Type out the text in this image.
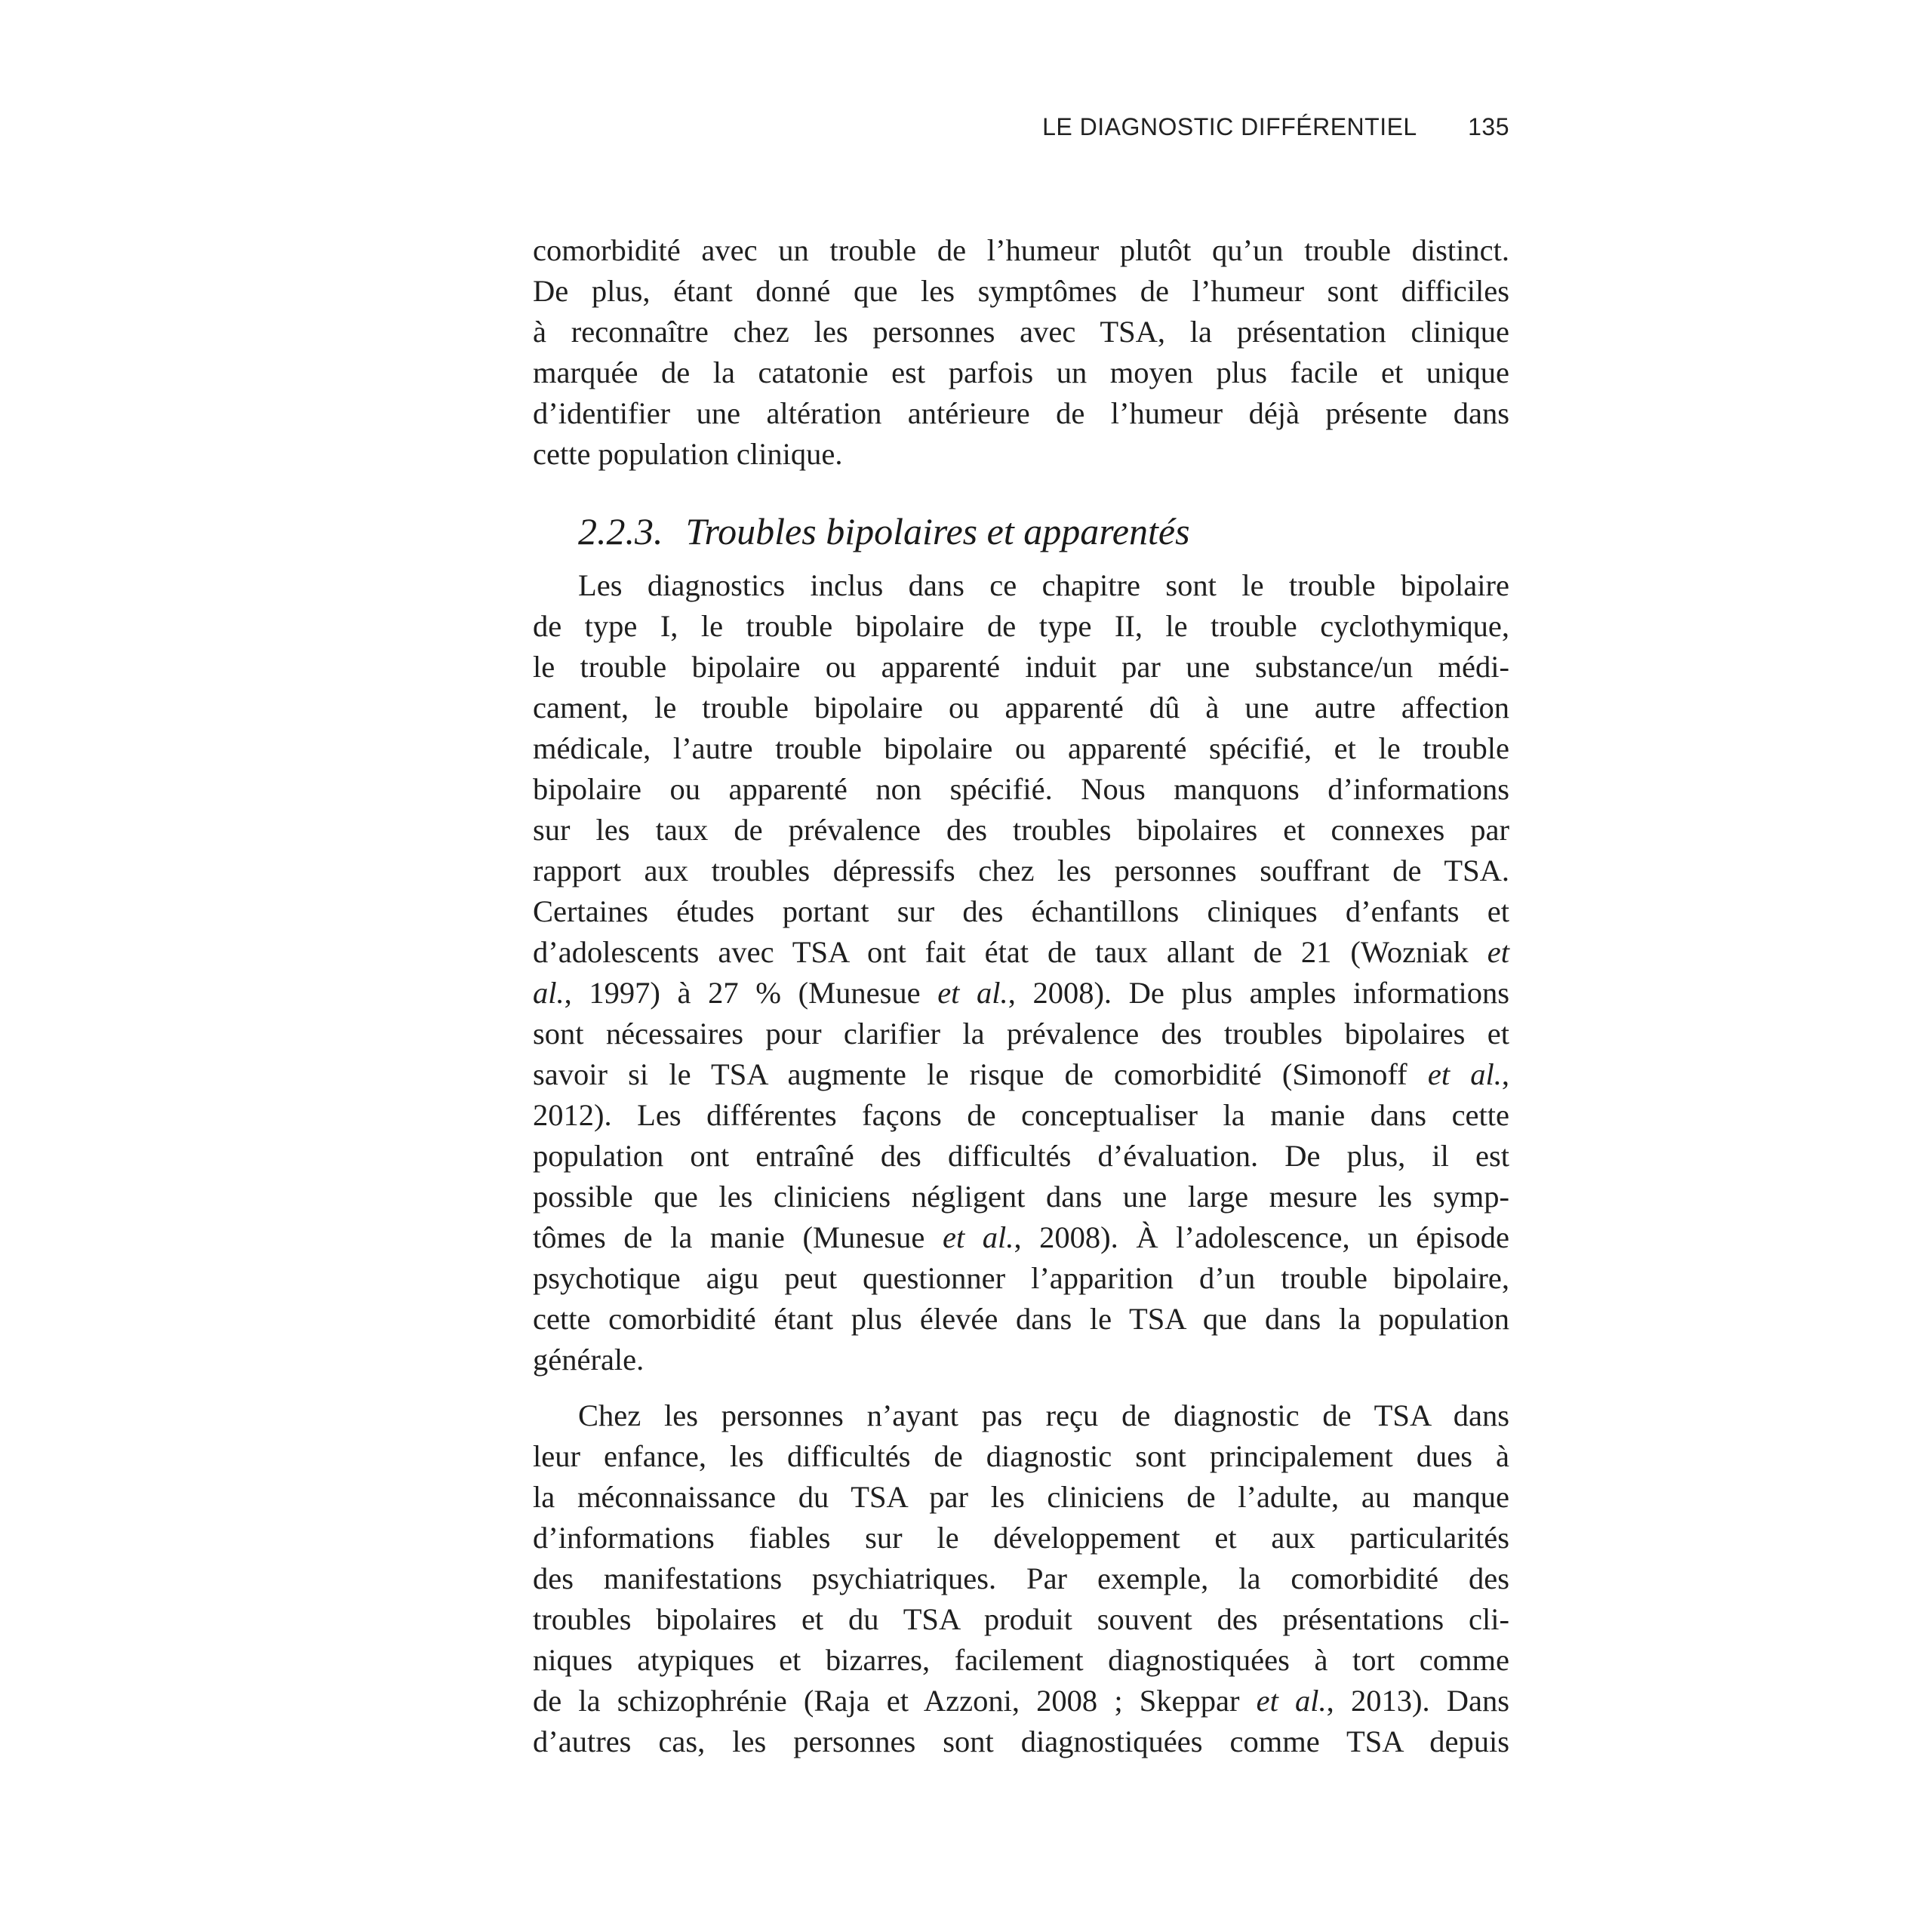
LE DIAGNOSTIC DIFFÉRENTIEL 135

comorbidité avec un trouble de l’humeur plutôt qu’un trouble distinct.
De plus, étant donné que les symptômes de l’humeur sont difficiles
à reconnaître chez les personnes avec TSA, la présentation clinique
marquée de la catatonie est parfois un moyen plus facile et unique
d’identifier une altération antérieure de l’humeur déjà présente dans
cette population clinique.

2.2.3. Troubles bipolaires et apparentés

Les diagnostics inclus dans ce chapitre sont le trouble bipolaire
de type I, le trouble bipolaire de type II, le trouble cyclothymique,
le trouble bipolaire ou apparenté induit par une substance/un médi-
cament, le trouble bipolaire ou apparenté dû à une autre affection
médicale, l’autre trouble bipolaire ou apparenté spécifié, et le trouble
bipolaire ou apparenté non spécifié. Nous manquons d’informations
sur les taux de prévalence des troubles bipolaires et connexes par
rapport aux troubles dépressifs chez les personnes souffrant de TSA.
Certaines études portant sur des échantillons cliniques d’enfants et
d’adolescents avec TSA ont fait état de taux allant de 21 (Wozniak et
al., 1997) à 27 % (Munesue et al., 2008). De plus amples informations
sont nécessaires pour clarifier la prévalence des troubles bipolaires et
savoir si le TSA augmente le risque de comorbidité (Simonoff et al.,
2012). Les différentes façons de conceptualiser la manie dans cette
population ont entraîné des difficultés d’évaluation. De plus, il est
possible que les cliniciens négligent dans une large mesure les symp-
tômes de la manie (Munesue et al., 2008). À l’adolescence, un épisode
psychotique aigu peut questionner l’apparition d’un trouble bipolaire,
cette comorbidité étant plus élevée dans le TSA que dans la population
générale.

Chez les personnes n’ayant pas reçu de diagnostic de TSA dans
leur enfance, les difficultés de diagnostic sont principalement dues à
la méconnaissance du TSA par les cliniciens de l’adulte, au manque
d’informations fiables sur le développement et aux particularités
des manifestations psychiatriques. Par exemple, la comorbidité des
troubles bipolaires et du TSA produit souvent des présentations cli-
niques atypiques et bizarres, facilement diagnostiquées à tort comme
de la schizophrénie (Raja et Azzoni, 2008 ; Skeppar et al., 2013). Dans
d’autres cas, les personnes sont diagnostiquées comme TSA depuis
